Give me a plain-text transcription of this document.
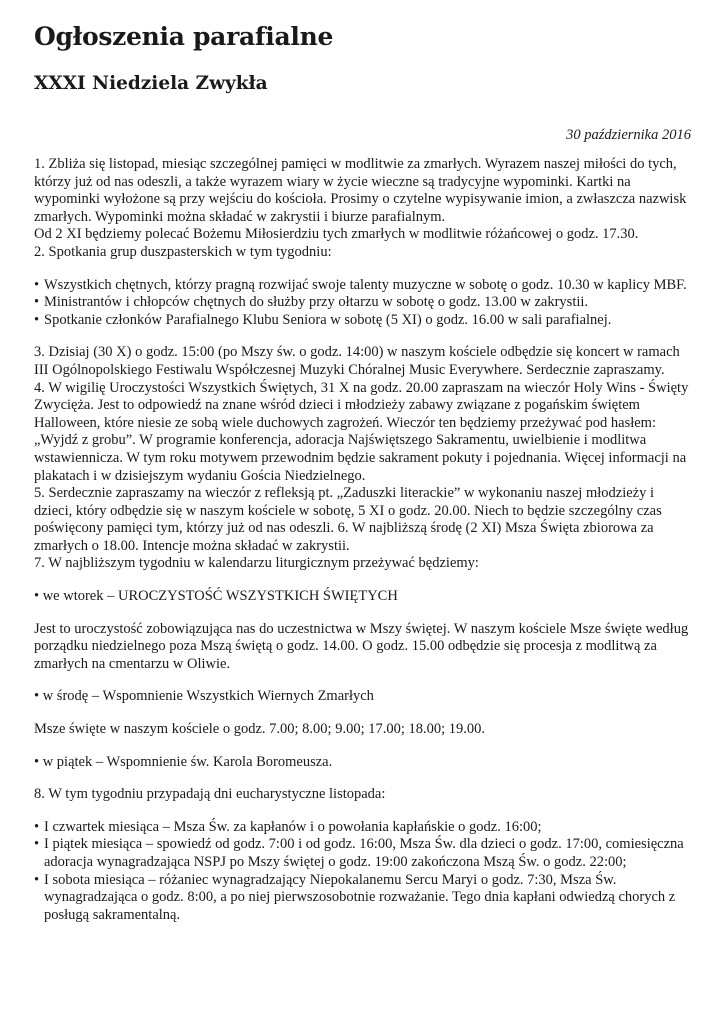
Ogłoszenia parafialne
XXXI Niedziela Zwykła
30 października 2016

1. Zbliża się listopad, miesiąc szczególnej pamięci w modlitwie za zmarłych. Wyrazem naszej miłości do tych, którzy już od nas odeszli, a także wyrazem wiary w życie wieczne są tradycyjne wypominki. Kartki na wypominki wyłożone są przy wejściu do kościoła. Prosimy o czytelne wypisywanie imion, a zwłaszcza nazwisk zmarłych. Wypominki można składać w zakrystii i biurze parafialnym.

Od 2 XI będziemy polecać Bożemu Miłosierdziu tych zmarłych w modlitwie różańcowej o godz. 17.30.

2. Spotkania grup duszpasterskich w tym tygodniu:

• Wszystkich chętnych, którzy pragną rozwijać swoje talenty muzyczne w sobotę o godz. 10.30 w kaplicy MBF.
• Ministrantów i chłopców chętnych do służby przy ołtarzu w sobotę o godz. 13.00 w zakrystii.
• Spotkanie członków Parafialnego Klubu Seniora w sobotę (5 XI) o godz. 16.00 w sali parafialnej.

3. Dzisiaj (30 X) o godz. 15:00 (po Mszy św. o godz. 14:00) w naszym kościele odbędzie się koncert w ramach III Ogólnopolskiego Festiwalu Współczesnej Muzyki Chóralnej Music Everywhere. Serdecznie zapraszamy.

4. W wigilię Uroczystości Wszystkich Świętych, 31 X na godz. 20.00 zapraszam na wieczór Holy Wins - Święty Zwycięża. Jest to odpowiedź na znane wśród dzieci i młodzieży zabawy związane z pogańskim świętem Halloween, które niesie ze sobą wiele duchowych zagrożeń. Wieczór ten będziemy przeżywać pod hasłem: „Wyjdź z grobu”. W programie konferencja, adoracja Najświętszego Sakramentu, uwielbienie i modlitwa wstawiennicza. W tym roku motywem przewodnim będzie sakrament pokuty i pojednania. Więcej informacji na plakatach i w dzisiejszym wydaniu Gościa Niedzielnego.

5. Serdecznie zapraszamy na wieczór z refleksją pt. „Zaduszki literackie” w wykonaniu naszej młodzieży i dzieci, który odbędzie się w naszym kościele w sobotę, 5 XI o godz. 20.00. Niech to będzie szczególny czas poświęcony pamięci tym, którzy już od nas odeszli. 6. W najbliższą środę (2 XI) Msza Święta zbiorowa za zmarłych o 18.00. Intencje można składać w zakrystii.

7. W najbliższym tygodniu w kalendarzu liturgicznym przeżywać będziemy:

• we wtorek – UROCZYSTOŚĆ WSZYSTKICH ŚWIĘTYCH

Jest to uroczystość zobowiązująca nas do uczestnictwa w Mszy świętej. W naszym kościele Msze święte według porządku niedzielnego poza Mszą świętą o godz. 14.00. O godz. 15.00 odbędzie się procesja z modlitwą za zmarłych na cmentarzu w Oliwie.

• w środę – Wspomnienie Wszystkich Wiernych Zmarłych

Msze święte w naszym kościele o godz. 7.00; 8.00; 9.00; 17.00; 18.00; 19.00.

• w piątek – Wspomnienie św. Karola Boromeusza.

8. W tym tygodniu przypadają dni eucharystyczne listopada:

• I czwartek miesiąca – Msza Św. za kapłanów i o powołania kapłańskie o godz. 16:00;
• I piątek miesiąca – spowiedź od godz. 7:00 i od godz. 16:00, Msza Św. dla dzieci o godz. 17:00, comiesięczna adoracja wynagradzająca NSPJ po Mszy świętej o godz. 19:00 zakończona Mszą Św. o godz. 22:00;
• I sobota miesiąca – różaniec wynagradzający Niepokalanemu Sercu Maryi o godz. 7:30, Msza Św. wynagradzająca o godz. 8:00, a po niej pierwszosobotnie rozważanie. Tego dnia kapłani odwiedzą chorych z posługą sakramentalną.
